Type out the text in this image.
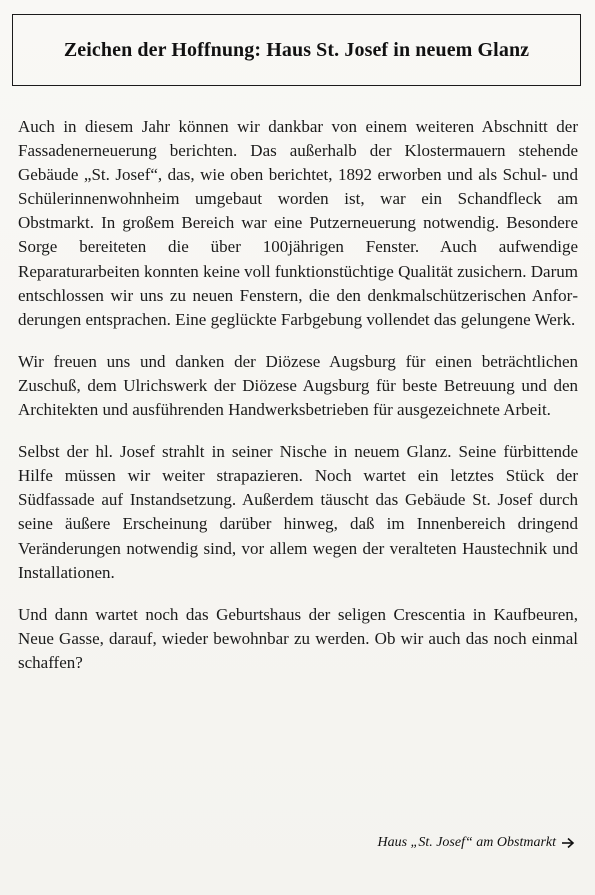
Zeichen der Hoffnung: Haus St. Josef in neuem Glanz

Auch in diesem Jahr können wir dankbar von einem weiteren Abschnitt der Fassadenerneuerung berichten. Das außerhalb der Klostermauern stehende Gebäude „St. Josef“, das, wie oben berichtet, 1892 erworben und als Schul- und Schülerinnenwohnheim umgebaut worden ist, war ein Schandfleck am Obstmarkt. In großem Bereich war eine Putzerneuerung notwendig. Besondere Sorge bereiteten die über 100jährigen Fenster. Auch aufwendige Reparaturarbeiten konnten keine voll funktionstüchtige Qualität zusichern. Darum entschlossen wir uns zu neuen Fenstern, die den denkmalschützerischen Anforderungen entsprachen. Eine geglückte Farbgebung vollendet das gelungene Werk.

Wir freuen uns und danken der Diözese Augsburg für einen beträchtlichen Zuschuß, dem Ulrichswerk der Diözese Augsburg für beste Betreuung und den Architekten und ausführenden Handwerksbetrieben für ausgezeichnete Arbeit.

Selbst der hl. Josef strahlt in seiner Nische in neuem Glanz. Seine fürbittende Hilfe müssen wir weiter strapazieren. Noch wartet ein letztes Stück der Südfassade auf Instandsetzung. Außerdem täuscht das Gebäude St. Josef durch seine äußere Erscheinung darüber hinweg, daß im Innenbereich dringend Veränderungen notwendig sind, vor allem wegen der veralteten Haustechnik und Installationen.

Und dann wartet noch das Geburtshaus der seligen Crescentia in Kaufbeuren, Neue Gasse, darauf, wieder bewohnbar zu werden. Ob wir auch das noch einmal schaffen?

Haus „St. Josef“ am Obstmarkt
